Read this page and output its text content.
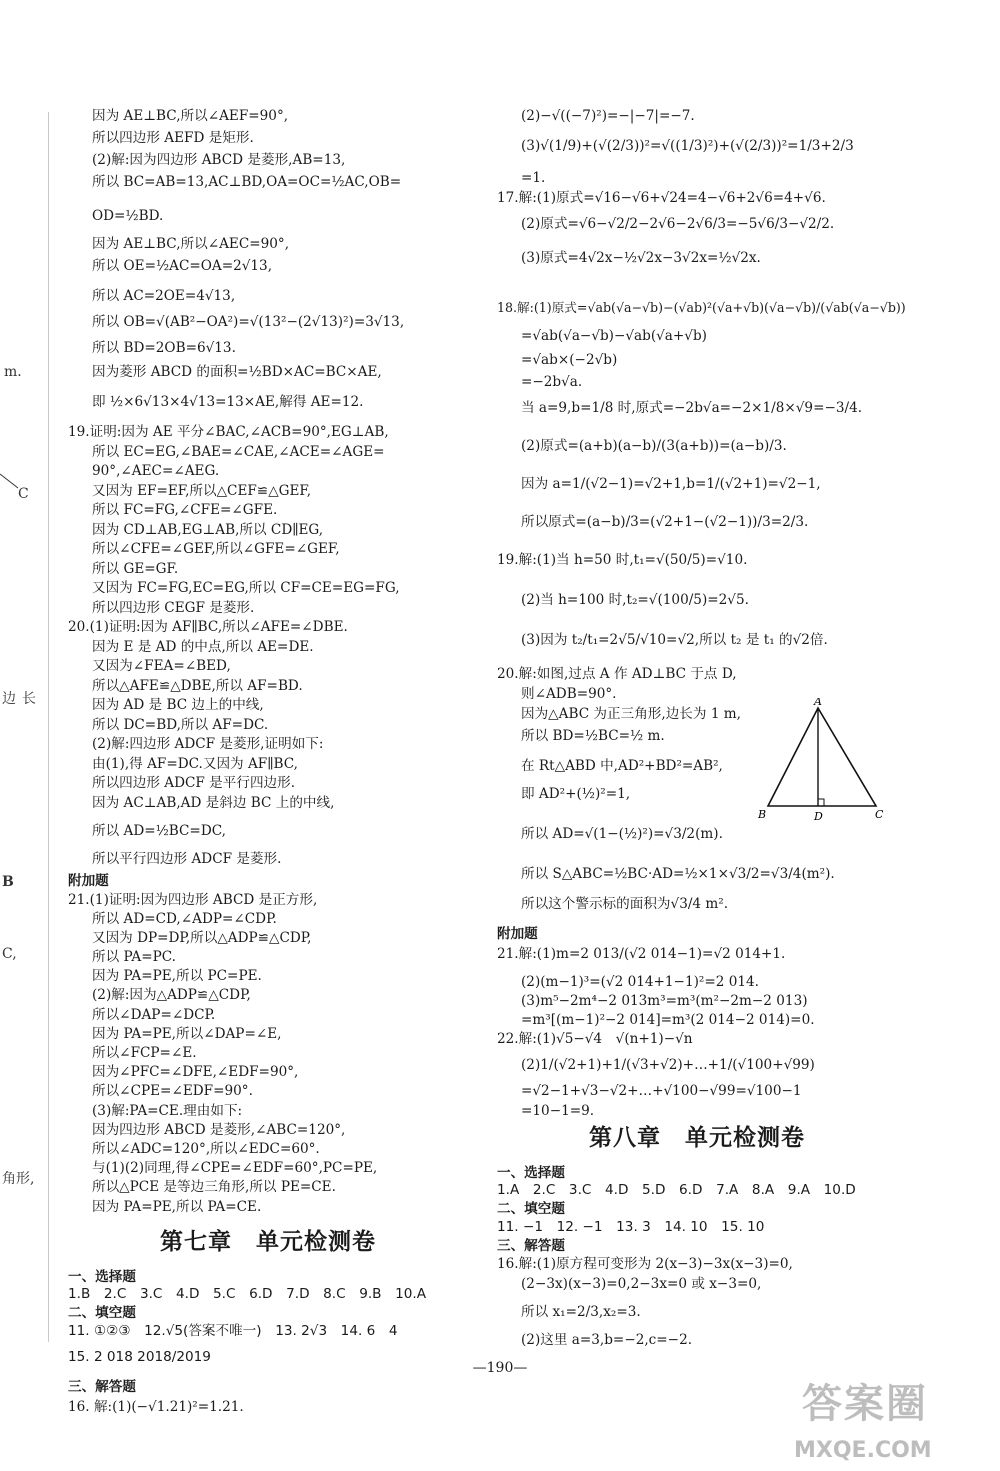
m.
C
边长
B
C,
角形,
因为 AE⊥BC,所以∠AEF=90°,
所以四边形 AEFD 是矩形.
(2)解:因为四边形 ABCD 是菱形,AB=13,
所以 BC=AB=13,AC⊥BD,OA=OC=½AC,OB=
OD=½BD.
因为 AE⊥BC,所以∠AEC=90°,
所以 OE=½AC=OA=2√13,
所以 AC=2OE=4√13,
所以 OB=√(AB²−OA²)=√(13²−(2√13)²)=3√13,
所以 BD=2OB=6√13.
因为菱形 ABCD 的面积=½BD×AC=BC×AE,
即 ½×6√13×4√13=13×AE,解得 AE=12.
19.证明:因为 AE 平分∠BAC,∠ACB=90°,EG⊥AB,
所以 EC=EG,∠BAE=∠CAE,∠ACE=∠AGE=
90°,∠AEC=∠AEG.
又因为 EF=EF,所以△CEF≌△GEF,
所以 FC=FG,∠CFE=∠GFE.
因为 CD⊥AB,EG⊥AB,所以 CD∥EG,
所以∠CFE=∠GEF,所以∠GFE=∠GEF,
所以 GE=GF.
又因为 FC=FG,EC=EG,所以 CF=CE=EG=FG,
所以四边形 CEGF 是菱形.
20.(1)证明:因为 AF∥BC,所以∠AFE=∠DBE.
因为 E 是 AD 的中点,所以 AE=DE.
又因为∠FEA=∠BED,
所以△AFE≌△DBE,所以 AF=BD.
因为 AD 是 BC 边上的中线,
所以 DC=BD,所以 AF=DC.
(2)解:四边形 ADCF 是菱形,证明如下:
由(1),得 AF=DC.又因为 AF∥BC,
所以四边形 ADCF 是平行四边形.
因为 AC⊥AB,AD 是斜边 BC 上的中线,
所以 AD=½BC=DC,
所以平行四边形 ADCF 是菱形.
附加题
21.(1)证明:因为四边形 ABCD 是正方形,
所以 AD=CD,∠ADP=∠CDP.
又因为 DP=DP,所以△ADP≌△CDP,
所以 PA=PC.
因为 PA=PE,所以 PC=PE.
(2)解:因为△ADP≌△CDP,
所以∠DAP=∠DCP.
因为 PA=PE,所以∠DAP=∠E,
所以∠FCP=∠E.
因为∠PFC=∠DFE,∠EDF=90°,
所以∠CPE=∠EDF=90°.
(3)解:PA=CE.理由如下:
因为四边形 ABCD 是菱形,∠ABC=120°,
所以∠ADC=120°,所以∠EDC=60°.
与(1)(2)同理,得∠CPE=∠EDF=60°,PC=PE,
所以△PCE 是等边三角形,所以 PE=CE.
因为 PA=PE,所以 PA=CE.
第七章　单元检测卷
一、选择题
1.B　2.C　3.C　4.D　5.C　6.D　7.D　8.C　9.B　10.A
二、填空题
11. ①②③　12.√5(答案不唯一)　13. 2√3　14. 6　4
15. 2 018 2018/2019
三、解答题
16. 解:(1)(−√1.21)²=1.21.
(2)−√((−7)²)=−|−7|=−7.
(3)√(1/9)+(√(2/3))²=√((1/3)²)+(√(2/3))²=1/3+2/3
=1.
17.解:(1)原式=√16−√6+√24=4−√6+2√6=4+√6.
(2)原式=√6−√2/2−2√6−2√6/3=−5√6/3−√2/2.
(3)原式=4√2x−½√2x−3√2x=½√2x.
18.解:(1)原式=√ab(√a−√b)−(√ab)²(√a+√b)(√a−√b)/(√ab(√a−√b))
=√ab(√a−√b)−√ab(√a+√b)
=√ab×(−2√b)
=−2b√a.
当 a=9,b=1/8 时,原式=−2b√a=−2×1/8×√9=−3/4.
(2)原式=(a+b)(a−b)/(3(a+b))=(a−b)/3.
因为 a=1/(√2−1)=√2+1,b=1/(√2+1)=√2−1,
所以原式=(a−b)/3=(√2+1−(√2−1))/3=2/3.
19.解:(1)当 h=50 时,t₁=√(50/5)=√10.
(2)当 h=100 时,t₂=√(100/5)=2√5.
(3)因为 t₂/t₁=2√5/√10=√2,所以 t₂ 是 t₁ 的√2倍.
20.解:如图,过点 A 作 AD⊥BC 于点 D,
则∠ADB=90°.
因为△ABC 为正三角形,边长为 1 m,
所以 BD=½BC=½ m.
在 Rt△ABD 中,AD²+BD²=AB²,
即 AD²+(½)²=1,
所以 AD=√(1−(½)²)=√3/2(m).
所以 S△ABC=½BC·AD=½×1×√3/2=√3/4(m²).
所以这个警示标的面积为√3/4 m².
附加题
21.解:(1)m=2 013/(√2 014−1)=√2 014+1.
(2)(m−1)³=(√2 014+1−1)²=2 014.
(3)m⁵−2m⁴−2 013m³=m³(m²−2m−2 013)
=m³[(m−1)²−2 014]=m³(2 014−2 014)=0.
22.解:(1)√5−√4　√(n+1)−√n
(2)1/(√2+1)+1/(√3+√2)+…+1/(√100+√99)
=√2−1+√3−√2+…+√100−√99=√100−1
=10−1=9.
第八章　单元检测卷
一、选择题
1.A　2.C　3.C　4.D　5.D　6.D　7.A　8.A　9.A　10.D
二、填空题
11. −1　12. −1　13. 3　14. 10　15. 10
三、解答题
16.解:(1)原方程可变形为 2(x−3)−3x(x−3)=0,
(2−3x)(x−3)=0,2−3x=0 或 x−3=0,
所以 x₁=2/3,x₂=3.
(2)这里 a=3,b=−2,c=−2.
A
B	D	C
—190—
答案圈
MXQE.COM
